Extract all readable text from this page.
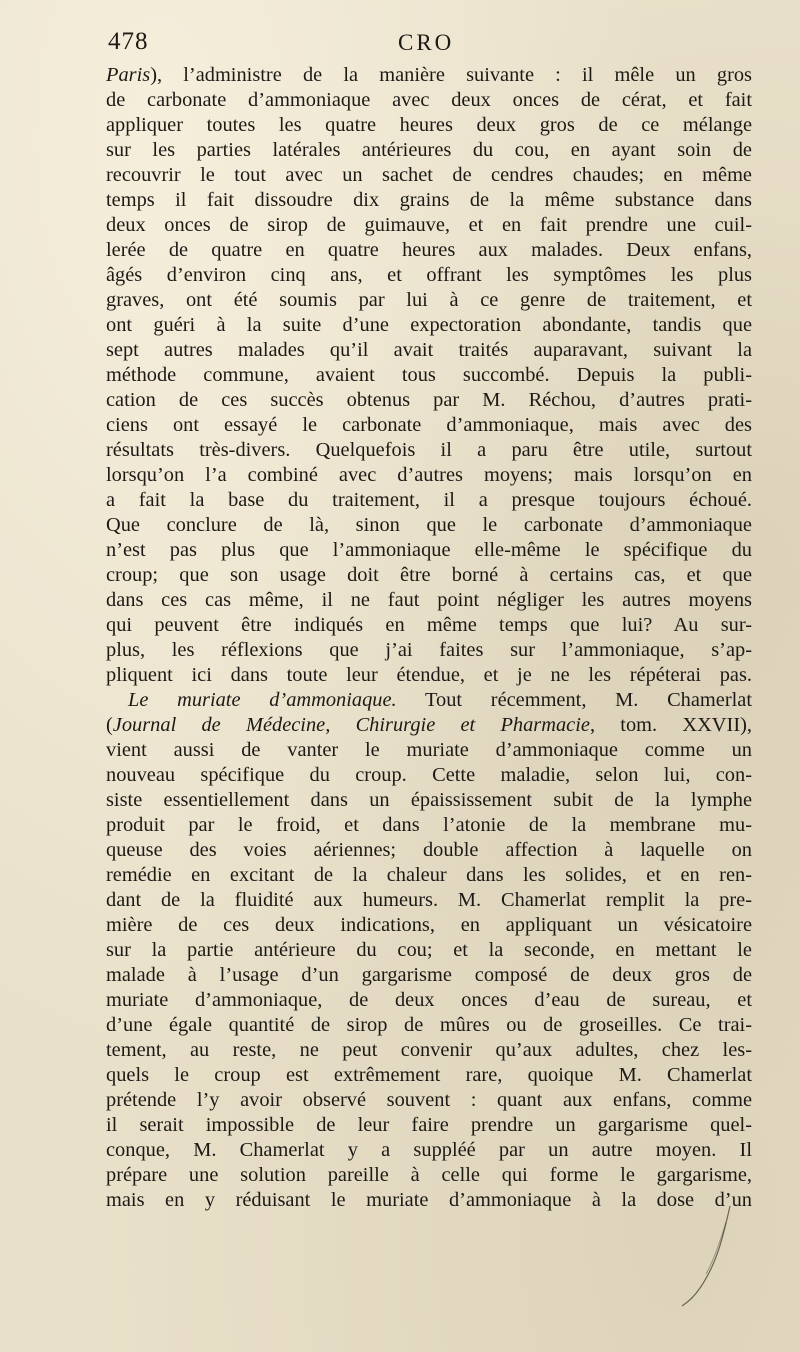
478	CRO
Paris), l’administre de la manière suivante : il mêle un gros
de carbonate d’ammoniaque avec deux onces de cérat, et fait
appliquer toutes les quatre heures deux gros de ce mélange
sur les parties latérales antérieures du cou, en ayant soin de
recouvrir le tout avec un sachet de cendres chaudes; en même
temps il fait dissoudre dix grains de la même substance dans
deux onces de sirop de guimauve, et en fait prendre une cuil-
lerée de quatre en quatre heures aux malades. Deux enfans,
âgés d’environ cinq ans, et offrant les symptômes les plus
graves, ont été soumis par lui à ce genre de traitement, et
ont guéri à la suite d’une expectoration abondante, tandis que
sept autres malades qu’il avait traités auparavant, suivant la
méthode commune, avaient tous succombé. Depuis la publi-
cation de ces succès obtenus par M. Réchou, d’autres prati-
ciens ont essayé le carbonate d’ammoniaque, mais avec des
résultats très-divers. Quelquefois il a paru être utile, surtout
lorsqu’on l’a combiné avec d’autres moyens; mais lorsqu’on en
a fait la base du traitement, il a presque toujours échoué.
Que conclure de là, sinon que le carbonate d’ammoniaque
n’est pas plus que l’ammoniaque elle-même le spécifique du
croup; que son usage doit être borné à certains cas, et que
dans ces cas même, il ne faut point négliger les autres moyens
qui peuvent être indiqués en même temps que lui? Au sur-
plus, les réflexions que j’ai faites sur l’ammoniaque, s’ap-
pliquent ici dans toute leur étendue, et je ne les répéterai pas.
Le muriate d’ammoniaque. Tout récemment, M. Chamerlat
(Journal de Médecine, Chirurgie et Pharmacie, tom. XXVII),
vient aussi de vanter le muriate d’ammoniaque comme un
nouveau spécifique du croup. Cette maladie, selon lui, con-
siste essentiellement dans un épaississement subit de la lymphe
produit par le froid, et dans l’atonie de la membrane mu-
queuse des voies aériennes; double affection à laquelle on
remédie en excitant de la chaleur dans les solides, et en ren-
dant de la fluidité aux humeurs. M. Chamerlat remplit la pre-
mière de ces deux indications, en appliquant un vésicatoire
sur la partie antérieure du cou; et la seconde, en mettant le
malade à l’usage d’un gargarisme composé de deux gros de
muriate d’ammoniaque, de deux onces d’eau de sureau, et
d’une égale quantité de sirop de mûres ou de groseilles. Ce trai-
tement, au reste, ne peut convenir qu’aux adultes, chez les-
quels le croup est extrêmement rare, quoique M. Chamerlat
prétende l’y avoir observé souvent : quant aux enfans, comme
il serait impossible de leur faire prendre un gargarisme quel-
conque, M. Chamerlat y a suppléé par un autre moyen. Il
prépare une solution pareille à celle qui forme le gargarisme,
mais en y réduisant le muriate d’ammoniaque à la dose d’un
